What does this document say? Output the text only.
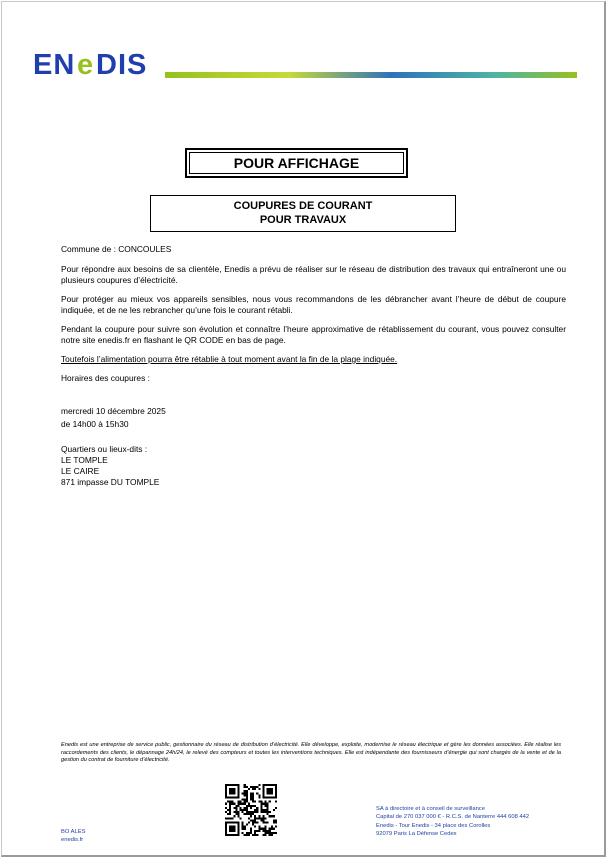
EN e DIS
POUR AFFICHAGE
COUPURES DE COURANT
POUR TRAVAUX

Commune de : CONCOULES

Pour répondre aux besoins de sa clientèle, Enedis a prévu de réaliser sur le réseau de distribution des travaux qui entraîneront une ou plusieurs coupures d’électricité.

Pour protéger au mieux vos appareils sensibles, nous vous recommandons de les débrancher avant l’heure de début de coupure indiquée, et de ne les rebrancher qu’une fois le courant rétabli.

Pendant la coupure pour suivre son évolution et connaître l’heure approximative de rétablissement du courant, vous pouvez consulter notre site enedis.fr en flashant le QR CODE en bas de page.

Toutefois l’alimentation pourra être rétablie à tout moment avant la fin de la plage indiquée.

Horaires des coupures :

mercredi 10 décembre 2025

de 14h00 à 15h30

Quartiers ou lieux-dits :

LE TOMPLE

LE CAIRE

871 impasse DU TOMPLE

Enedis est une entreprise de service public, gestionnaire du réseau de distribution d’électricité. Elle développe, exploite, modernise le réseau électrique et gère les données associées. Elle réalise les raccordements des clients, le dépannage 24h/24, le relevé des compteurs et toutes les interventions techniques. Elle est indépendante des fournisseurs d’énergie qui sont chargés de la vente et de la gestion du contrat de fourniture d’électricité.
BO ALES
enedis.fr
SA à directoire et à conseil de surveillance
Capital de 270 037 000 € - R.C.S. de Nanterre 444 608 442
Enedis - Tour Enedis - 34 place des Corolles
92079 Paris La Défense Cedex
